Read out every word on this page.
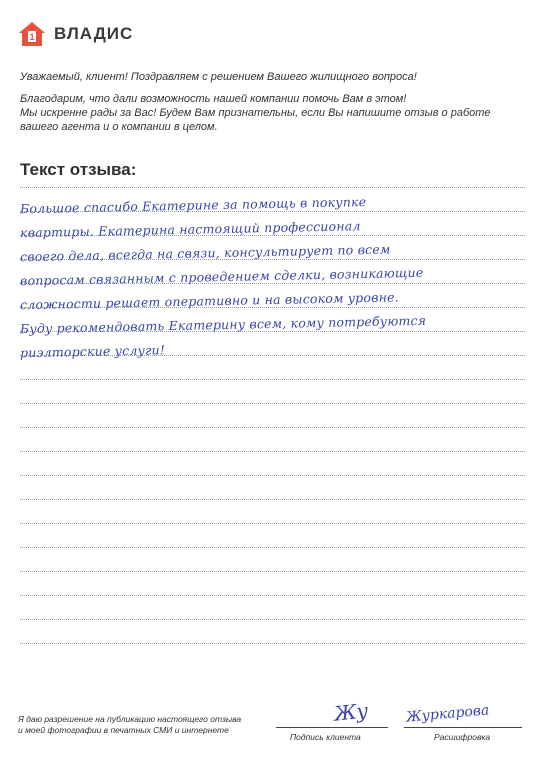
1 ВЛАДИС

Уважаемый, клиент! Поздравляем с решением Вашего жилищного вопроса!

Благодарим, что дали возможность нашей компании помочь Вам в этом!
Мы искренне рады за Вас! Будем Вам признательны, если Вы напишите отзыв о работе
вашего агента и о компании в целом.

Текст отзыва:
Большое спасибо Екатерине за помощь в покупке
квартиры. Екатерина настоящий профессионал
своего дела, всегда на связи, консультирует по всем
вопросам связанным с проведением сделки, возникающие
сложности решает оперативно и на высоком уровне.
Буду рекомендовать Екатерину всем, кому потребуются
риэлторские услуги!
Я даю разрешение на публикацию настоящего отзыва
и моей фотографии в печатных СМИ и интернете
Жу
Подпись клиента
Журкарова
Расшифровка
